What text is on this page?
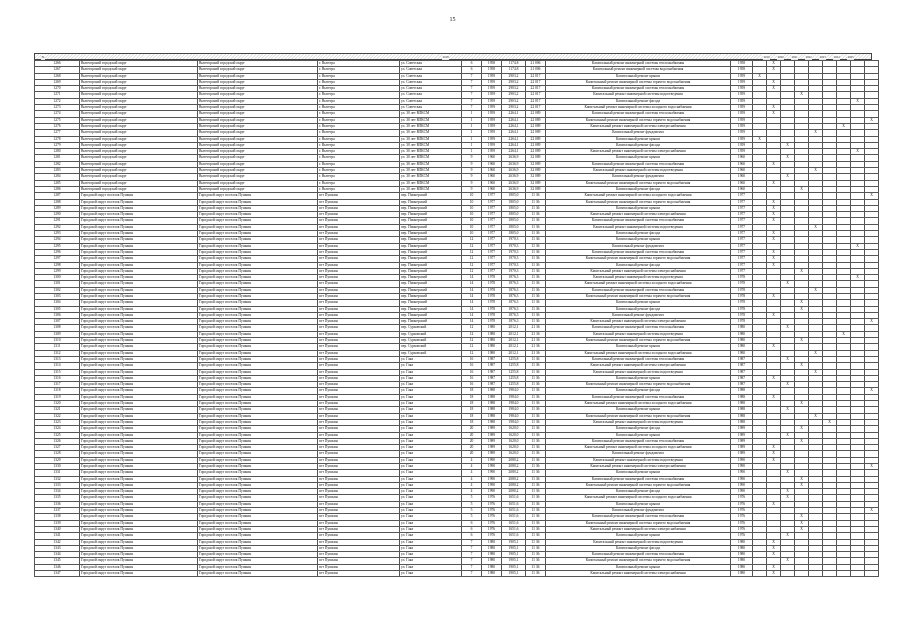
15
№	2018	2019	2020	2021	2022	2023	2024	2025
1266	Вытегорский городской округ	Вытегорский городской округ	г. Вытегра	ул. Советская	6	1958	1174,8	21 006	Капитальный ремонт инженерной системы теплоснабжения	1958		X							
1267	Вытегорский городской округ	Вытегорский городской округ	г. Вытегра	ул. Советская	6	1958	1174,8	21 006	Капитальный ремонт инженерной системы водоснабжения	1958		X							
1268	Вытегорский городской округ	Вытегорский городской округ	г. Вытегра	ул. Советская	7	1959	2903,2	22 017	Капитальный ремонт крыши	1959	X								
1269	Вытегорский городской округ	Вытегорский городской округ	г. Вытегра	ул. Советская	7	1959	2903,2	22 017	Капитальный ремонт инженерной системы горячего водоснабжения	1959		X							
1270	Вытегорский городской округ	Вытегорский городской округ	г. Вытегра	ул. Советская	7	1959	2903,2	22 017	Капитальный ремонт инженерной системы теплоснабжения	1959		X							
1271	Вытегорский городской округ	Вытегорский городской округ	г. Вытегра	ул. Советская	7	1959	2903,2	22 017	Капитальный ремонт инженерной системы водоотведения	1959				X					
1272	Вытегорский городской округ	Вытегорский городской округ	г. Вытегра	ул. Советская	7	1959	2903,2	22 017	Капитальный ремонт фасада	1959								X	
1273	Вытегорский городской округ	Вытегорский городской округ	г. Вытегра	ул. Советская	7	1959	2903,2	22 017	Капитальный ремонт инженерной системы холодного водоснабжения	1959		X							
1274	Вытегорский городской округ	Вытегорский городской округ	г. Вытегра	ул. 30 лет ВЛКСМ	1	1959	2264,1	22 089	Капитальный ремонт инженерной системы теплоснабжения	1959		X							
1275	Вытегорский городской округ	Вытегорский городской округ	г. Вытегра	ул. 30 лет ВЛКСМ	1	1959	2264,1	22 089	Капитальный ремонт инженерной системы горячего водоснабжения	1959									X
1276	Вытегорский городской округ	Вытегорский городской округ	г. Вытегра	ул. 30 лет ВЛКСМ	1	1959	2264,1	22 089	Капитальный ремонт инженерной системы электроснабжения	1959							X		
1277	Вытегорский городской округ	Вытегорский городской округ	г. Вытегра	ул. 30 лет ВЛКСМ	1	1959	2264,1	22 089	Капитальный ремонт фундамента	1959					X				
1278	Вытегорский городской округ	Вытегорский городской округ	г. Вытегра	ул. 30 лет ВЛКСМ	1	1959	2264,1	22 089	Капитальный ремонт крыши	1959	X								
1279	Вытегорский городской округ	Вытегорский городской округ	г. Вытегра	ул. 30 лет ВЛКСМ	1	1959	2264,1	22 089	Капитальный ремонт фасада	1959			X						
1280	Вытегорский городской округ	Вытегорский городской округ	г. Вытегра	ул. 30 лет ВЛКСМ	1	1959	2264,1	22 089	Капитальный ремонт инженерной системы электроснабжения	1959								X	
1281	Вытегорский городской округ	Вытегорский городской округ	г. Вытегра	ул. 30 лет ВЛКСМ	9	1960	2636,9	32 089	Капитальный ремонт крыши	1960			X						
1282	Вытегорский городской округ	Вытегорский городской округ	г. Вытегра	ул. 30 лет ВЛКСМ	9	1960	2636,9	32 089	Капитальный ремонт инженерной системы теплоснабжения	1960		X							
1283	Вытегорский городской округ	Вытегорский городской округ	г. Вытегра	ул. 30 лет ВЛКСМ	9	1960	2636,9	32 089	Капитальный ремонт инженерной системы водоотведения	1960					X				
1284	Вытегорский городской округ	Вытегорский городской округ	г. Вытегра	ул. 30 лет ВЛКСМ	9	1960	2636,9	32 089	Капитальный ремонт фундамента	1960			X						
1285	Вытегорский городской округ	Вытегорский городской округ	г. Вытегра	ул. 30 лет ВЛКСМ	9	1960	2636,9	32 089	Капитальный ремонт инженерной системы горячего водоснабжения	1960		X							
1286	Вытегорский городской округ	Вытегорский городской округ	г. Вытегра	ул. 30 лет ВЛКСМ	9	1960	2636,9	32 089	Капитальный ремонт фасада	1960				X					
1287	Городской округ поселок Пушкин	Городской округ поселок Пушкин	пгт Пушкин	пер. Пионерский	10	1977	1805,0	11 36	Капитальный ремонт инженерной системы холодного водоснабжения	1977									X
1288	Городской округ поселок Пушкин	Городской округ поселок Пушкин	пгт Пушкин	пер. Пионерский	10	1977	1805,0	11 36	Капитальный ремонт инженерной системы горячего водоснабжения	1977		X							
1289	Городской округ поселок Пушкин	Городской округ поселок Пушкин	пгт Пушкин	пер. Пионерский	10	1977	1805,0	11 36	Капитальный ремонт крыши	1977		X							
1290	Городской округ поселок Пушкин	Городской округ поселок Пушкин	пгт Пушкин	пер. Пионерский	10	1977	1805,0	11 36	Капитальный ремонт инженерной системы электроснабжения	1977		X							
1291	Городской округ поселок Пушкин	Городской округ поселок Пушкин	пгт Пушкин	пер. Пионерский	10	1977	1805,0	11 36	Капитальный ремонт инженерной системы теплоснабжения	1977		X							
1292	Городской округ поселок Пушкин	Городской округ поселок Пушкин	пгт Пушкин	пер. Пионерский	10	1977	1805,0	11 36	Капитальный ремонт инженерной системы водоотведения	1977					X				
1293	Городской округ поселок Пушкин	Городской округ поселок Пушкин	пгт Пушкин	пер. Пионерский	10	1977	1805,0	11 36	Капитальный ремонт фасада	1977		X							
1294	Городской округ поселок Пушкин	Городской округ поселок Пушкин	пгт Пушкин	пер. Пионерский	12	1977	1970,3	11 36	Капитальный ремонт крыши	1977		X							
1295	Городской округ поселок Пушкин	Городской округ поселок Пушкин	пгт Пушкин	пер. Пионерский	12	1977	1970,3	11 36	Капитальный ремонт фундамента	1977								X	
1296	Городской округ поселок Пушкин	Городской округ поселок Пушкин	пгт Пушкин	пер. Пионерский	12	1977	1970,3	11 36	Капитальный ремонт инженерной системы теплоснабжения	1977		X							
1297	Городской округ поселок Пушкин	Городской округ поселок Пушкин	пгт Пушкин	пер. Пионерский	12	1977	1970,3	11 36	Капитальный ремонт инженерной системы горячего водоснабжения	1977		X							
1298	Городской округ поселок Пушкин	Городской округ поселок Пушкин	пгт Пушкин	пер. Пионерский	12	1977	1970,3	11 36	Капитальный ремонт фасада	1977		X							
1299	Городской округ поселок Пушкин	Городской округ поселок Пушкин	пгт Пушкин	пер. Пионерский	12	1977	1970,3	11 36	Капитальный ремонт инженерной системы электроснабжения	1977				X					
1300	Городской округ поселок Пушкин	Городской округ поселок Пушкин	пгт Пушкин	пер. Пионерский	14	1978	1876,3	11 36	Капитальный ремонт инженерной системы водоотведения	1978								X	
1301	Городской округ поселок Пушкин	Городской округ поселок Пушкин	пгт Пушкин	пер. Пионерский	14	1978	1876,3	11 36	Капитальный ремонт инженерной системы холодного водоснабжения	1978			X						
1302	Городской округ поселок Пушкин	Городской округ поселок Пушкин	пгт Пушкин	пер. Пионерский	14	1978	1876,3	11 36	Капитальный ремонт инженерной системы теплоснабжения	1978					X				
1303	Городской округ поселок Пушкин	Городской округ поселок Пушкин	пгт Пушкин	пер. Пионерский	14	1978	1876,3	11 36	Капитальный ремонт инженерной системы горячего водоснабжения	1978		X							
1304	Городской округ поселок Пушкин	Городской округ поселок Пушкин	пгт Пушкин	пер. Пионерский	14	1978	1876,3	11 36	Капитальный ремонт крыши	1978				X					
1305	Городской округ поселок Пушкин	Городской округ поселок Пушкин	пгт Пушкин	пер. Пионерский	14	1978	1876,3	11 36	Капитальный ремонт фасада	1978				X					
1306	Городской округ поселок Пушкин	Городской округ поселок Пушкин	пгт Пушкин	пер. Пионерский	14	1978	1876,3	11 36	Капитальный ремонт фундамента	1978		X							
1307	Городской округ поселок Пушкин	Городской округ поселок Пушкин	пгт Пушкин	пер. Пионерский	14	1978	1876,3	11 36	Капитальный ремонт инженерной системы электроснабжения	1978									X
1308	Городской округ поселок Пушкин	Городской округ поселок Пушкин	пгт Пушкин	пер. Сурковский	12	1980	2012,1	21 36	Капитальный ремонт инженерной системы теплоснабжения	1980			X						
1309	Городской округ поселок Пушкин	Городской округ поселок Пушкин	пгт Пушкин	пер. Сурковский	12	1980	2012,1	21 36	Капитальный ремонт инженерной системы водоотведения	1980							X		
1310	Городской округ поселок Пушкин	Городской округ поселок Пушкин	пгт Пушкин	пер. Сурковский	12	1980	2012,1	21 36	Капитальный ремонт инженерной системы горячего водоснабжения	1980				X					
1311	Городской округ поселок Пушкин	Городской округ поселок Пушкин	пгт Пушкин	пер. Сурковский	12	1980	2012,1	21 36	Капитальный ремонт крыши	1980		X							
1312	Городской округ поселок Пушкин	Городской округ поселок Пушкин	пгт Пушкин	пер. Сурковский	12	1980	2012,1	21 36	Капитальный ремонт инженерной системы холодного водоснабжения	1980					X				
1313	Городской округ поселок Пушкин	Городской округ поселок Пушкин	пгт Пушкин	ул. Гаяа	16	1987	1255,8	11 36	Капитальный ремонт инженерной системы теплоснабжения	1987			X						
1314	Городской округ поселок Пушкин	Городской округ поселок Пушкин	пгт Пушкин	ул. Гаяа	16	1987	1255,8	11 36	Капитальный ремонт инженерной системы электроснабжения	1987				X					
1315	Городской округ поселок Пушкин	Городской округ поселок Пушкин	пгт Пушкин	ул. Гаяа	16	1987	1255,8	11 36	Капитальный ремонт инженерной системы водоотведения	1987					X				
1316	Городской округ поселок Пушкин	Городской округ поселок Пушкин	пгт Пушкин	ул. Гаяа	16	1987	1255,8	11 36	Капитальный ремонт крыши	1987		X							
1317	Городской округ поселок Пушкин	Городской округ поселок Пушкин	пгт Пушкин	ул. Гаяа	16	1987	1255,8	11 36	Капитальный ремонт инженерной системы горячего водоснабжения	1987			X						
1318	Городской округ поселок Пушкин	Городской округ поселок Пушкин	пгт Пушкин	ул. Гаяа	18	1988	1984,0	11 36	Капитальный ремонт фасада	1988									X
1319	Городской округ поселок Пушкин	Городской округ поселок Пушкин	пгт Пушкин	ул. Гаяа	18	1988	1984,0	11 36	Капитальный ремонт инженерной системы теплоснабжения	1988		X							
1320	Городской округ поселок Пушкин	Городской округ поселок Пушкин	пгт Пушкин	ул. Гаяа	18	1988	1984,0	11 36	Капитальный ремонт инженерной системы холодного водоснабжения	1988				X					
1321	Городской округ поселок Пушкин	Городской округ поселок Пушкин	пгт Пушкин	ул. Гаяа	18	1988	1984,0	11 36	Капитальный ремонт крыши	1988			X						
1322	Городской округ поселок Пушкин	Городской округ поселок Пушкин	пгт Пушкин	ул. Гаяа	18	1988	1984,0	11 36	Капитальный ремонт инженерной системы горячего водоснабжения	1988					X				
1323	Городской округ поселок Пушкин	Городской округ поселок Пушкин	пгт Пушкин	ул. Гаяа	18	1988	1984,0	11 36	Капитальный ремонт инженерной системы водоотведения	1988						X			
1324	Городской округ поселок Пушкин	Городской округ поселок Пушкин	пгт Пушкин	ул. Гаяа	20	1989	1620,0	11 36	Капитальный ремонт фасада	1989				X					
1325	Городской округ поселок Пушкин	Городской округ поселок Пушкин	пгт Пушкин	ул. Гаяа	20	1989	1620,0	11 36	Капитальный ремонт крыши	1989			X						
1326	Городской округ поселок Пушкин	Городской округ поселок Пушкин	пгт Пушкин	ул. Гаяа	20	1989	1620,0	11 36	Капитальный ремонт инженерной системы теплоснабжения	1989				X					
1327	Городской округ поселок Пушкин	Городской округ поселок Пушкин	пгт Пушкин	ул. Гаяа	20	1989	1620,0	11 36	Капитальный ремонт инженерной системы холодного водоснабжения	1989		X							
1328	Городской округ поселок Пушкин	Городской округ поселок Пушкин	пгт Пушкин	ул. Гаяа	20	1989	1620,0	11 36	Капитальный ремонт фундамента	1989		X							
1329	Городской округ поселок Пушкин	Городской округ поселок Пушкин	пгт Пушкин	ул. Гаяа	4	1990	2080,2	11 36	Капитальный ремонт инженерной системы водоотведения	1990		X							
1330	Городской округ поселок Пушкин	Городской округ поселок Пушкин	пгт Пушкин	ул. Гаяа	4	1990	2080,2	11 36	Капитальный ремонт инженерной системы электроснабжения	1990									X
1331	Городской округ поселок Пушкин	Городской округ поселок Пушкин	пгт Пушкин	ул. Гаяа	4	1990	2080,2	11 36	Капитальный ремонт крыши	1990			X						
1332	Городской округ поселок Пушкин	Городской округ поселок Пушкин	пгт Пушкин	ул. Гаяа	4	1990	2080,2	11 36	Капитальный ремонт инженерной системы теплоснабжения	1990				X					
1333	Городской округ поселок Пушкин	Городской округ поселок Пушкин	пгт Пушкин	ул. Гаяа	4	1990	2080,2	11 36	Капитальный ремонт инженерной системы горячего водоснабжения	1990				X					
1334	Городской округ поселок Пушкин	Городской округ поселок Пушкин	пгт Пушкин	ул. Гаяа	4	1990	2080,2	11 36	Капитальный ремонт фасада	1990			X						
1335	Городской округ поселок Пушкин	Городской округ поселок Пушкин	пгт Пушкин	ул. Гаяа	5	1976	1651,6	11 36	Капитальный ремонт инженерной системы холодного водоснабжения	1976			X						
1336	Городской округ поселок Пушкин	Городской округ поселок Пушкин	пгт Пушкин	ул. Гаяа	5	1976	1651,6	11 36	Капитальный ремонт крыши	1976		X							
1337	Городской округ поселок Пушкин	Городской округ поселок Пушкин	пгт Пушкин	ул. Гаяа	5	1976	1651,6	11 36	Капитальный ремонт фундамента	1976									X
1338	Городской округ поселок Пушкин	Городской округ поселок Пушкин	пгт Пушкин	ул. Гаяа	5	1976	1651,6	11 36	Капитальный ремонт инженерной системы теплоснабжения	1976				X					
1339	Городской округ поселок Пушкин	Городской округ поселок Пушкин	пгт Пушкин	ул. Гаяа	6	1976	1651,6	11 36	Капитальный ремонт инженерной системы горячего водоснабжения	1976				X					
1340	Городской округ поселок Пушкин	Городской округ поселок Пушкин	пгт Пушкин	ул. Гаяа	6	1976	1651,6	11 36	Капитальный ремонт инженерной системы электроснабжения	1976				X					
1341	Городской округ поселок Пушкин	Городской округ поселок Пушкин	пгт Пушкин	ул. Гаяа	6	1976	1651,6	11 36	Капитальный ремонт крыши	1976			X						
1342	Городской округ поселок Пушкин	Городской округ поселок Пушкин	пгт Пушкин	ул. Гаяа	7	1980	1905,1	11 36	Капитальный ремонт инженерной системы водоотведения	1980		X							
1343	Городской округ поселок Пушкин	Городской округ поселок Пушкин	пгт Пушкин	ул. Гаяа	7	1980	1905,1	11 36	Капитальный ремонт фасада	1980		X							
1344	Городской округ поселок Пушкин	Городской округ поселок Пушкин	пгт Пушкин	ул. Гаяа	7	1980	1905,1	11 36	Капитальный ремонт инженерной системы теплоснабжения	1980		X							
1345	Городской округ поселок Пушкин	Городской округ поселок Пушкин	пгт Пушкин	ул. Гаяа	7	1980	1905,1	11 36	Капитальный ремонт инженерной системы горячего водоснабжения	1980			X						
1346	Городской округ поселок Пушкин	Городской округ поселок Пушкин	пгт Пушкин	ул. Гаяа	7	1980	1905,1	11 36	Капитальный ремонт крыши	1980		X							
1347	Городской округ поселок Пушкин	Городской округ поселок Пушкин	пгт Пушкин	ул. Гаяа	7	1980	1905,1	11 36	Капитальный ремонт инженерной системы электроснабжения	1980		X							
